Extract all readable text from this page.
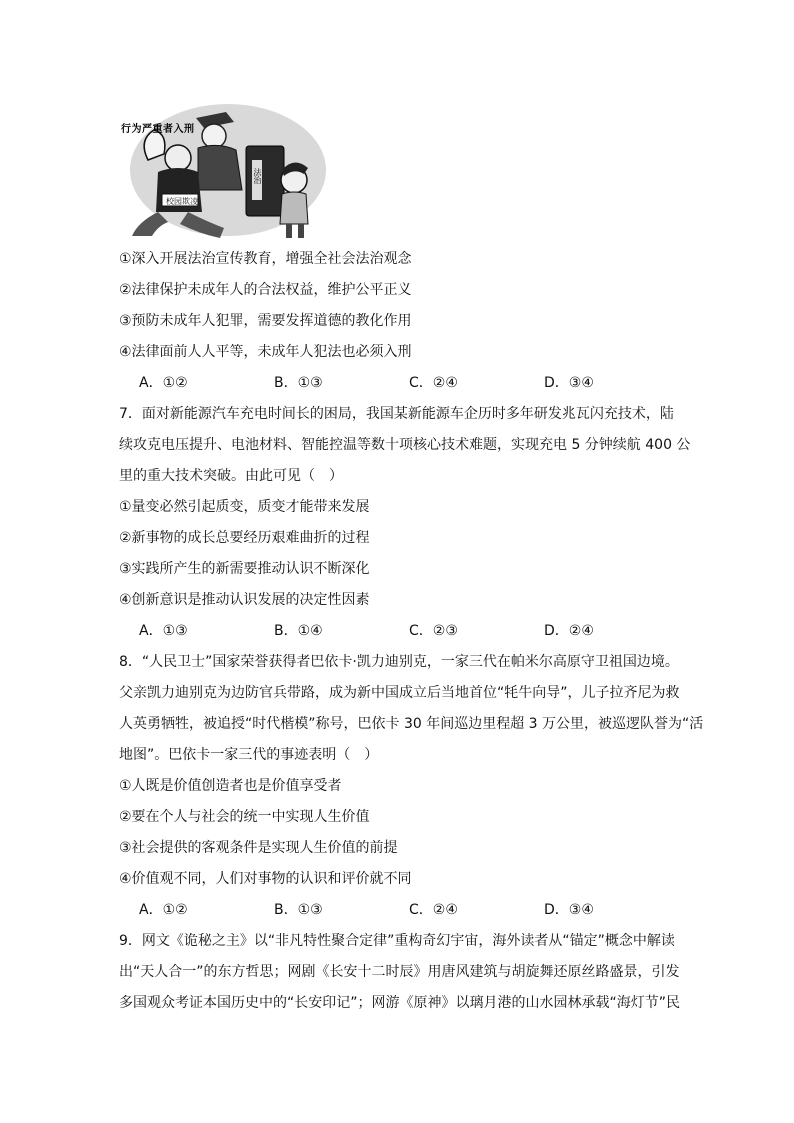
行为严重者入刑
校园欺凌
法治
①深入开展法治宣传教育，增强全社会法治观念
②法律保护未成年人的合法权益，维护公平正义
③预防未成年人犯罪，需要发挥道德的教化作用
④法律面前人人平等，未成年人犯法也必须入刑
A．①②	B．①③	C．②④	D．③④
7．面对新能源汽车充电时间长的困局，我国某新能源车企历时多年研发兆瓦闪充技术，陆
续攻克电压提升、电池材料、智能控温等数十项核心技术难题，实现充电 5 分钟续航 400 公
里的重大技术突破。由此可见（　）
①量变必然引起质变，质变才能带来发展
②新事物的成长总要经历艰难曲折的过程
③实践所产生的新需要推动认识不断深化
④创新意识是推动认识发展的决定性因素
A．①③	B．①④	C．②③	D．②④
8．“人民卫士”国家荣誉获得者巴依卡·凯力迪别克，一家三代在帕米尔高原守卫祖国边境。
父亲凯力迪别克为边防官兵带路，成为新中国成立后当地首位“牦牛向导”，儿子拉齐尼为救
人英勇牺牲，被追授“时代楷模”称号，巴依卡 30 年间巡边里程超 3 万公里，被巡逻队誉为“活
地图”。巴依卡一家三代的事迹表明（　）
①人既是价值创造者也是价值享受者
②要在个人与社会的统一中实现人生价值
③社会提供的客观条件是实现人生价值的前提
④价值观不同，人们对事物的认识和评价就不同
A．①②	B．①③	C．②④	D．③④
9．网文《诡秘之主》以“非凡特性聚合定律”重构奇幻宇宙，海外读者从“锚定”概念中解读
出“天人合一”的东方哲思；网剧《长安十二时辰》用唐风建筑与胡旋舞还原丝路盛景，引发
多国观众考证本国历史中的“长安印记”；网游《原神》以璃月港的山水园林承载“海灯节”民
